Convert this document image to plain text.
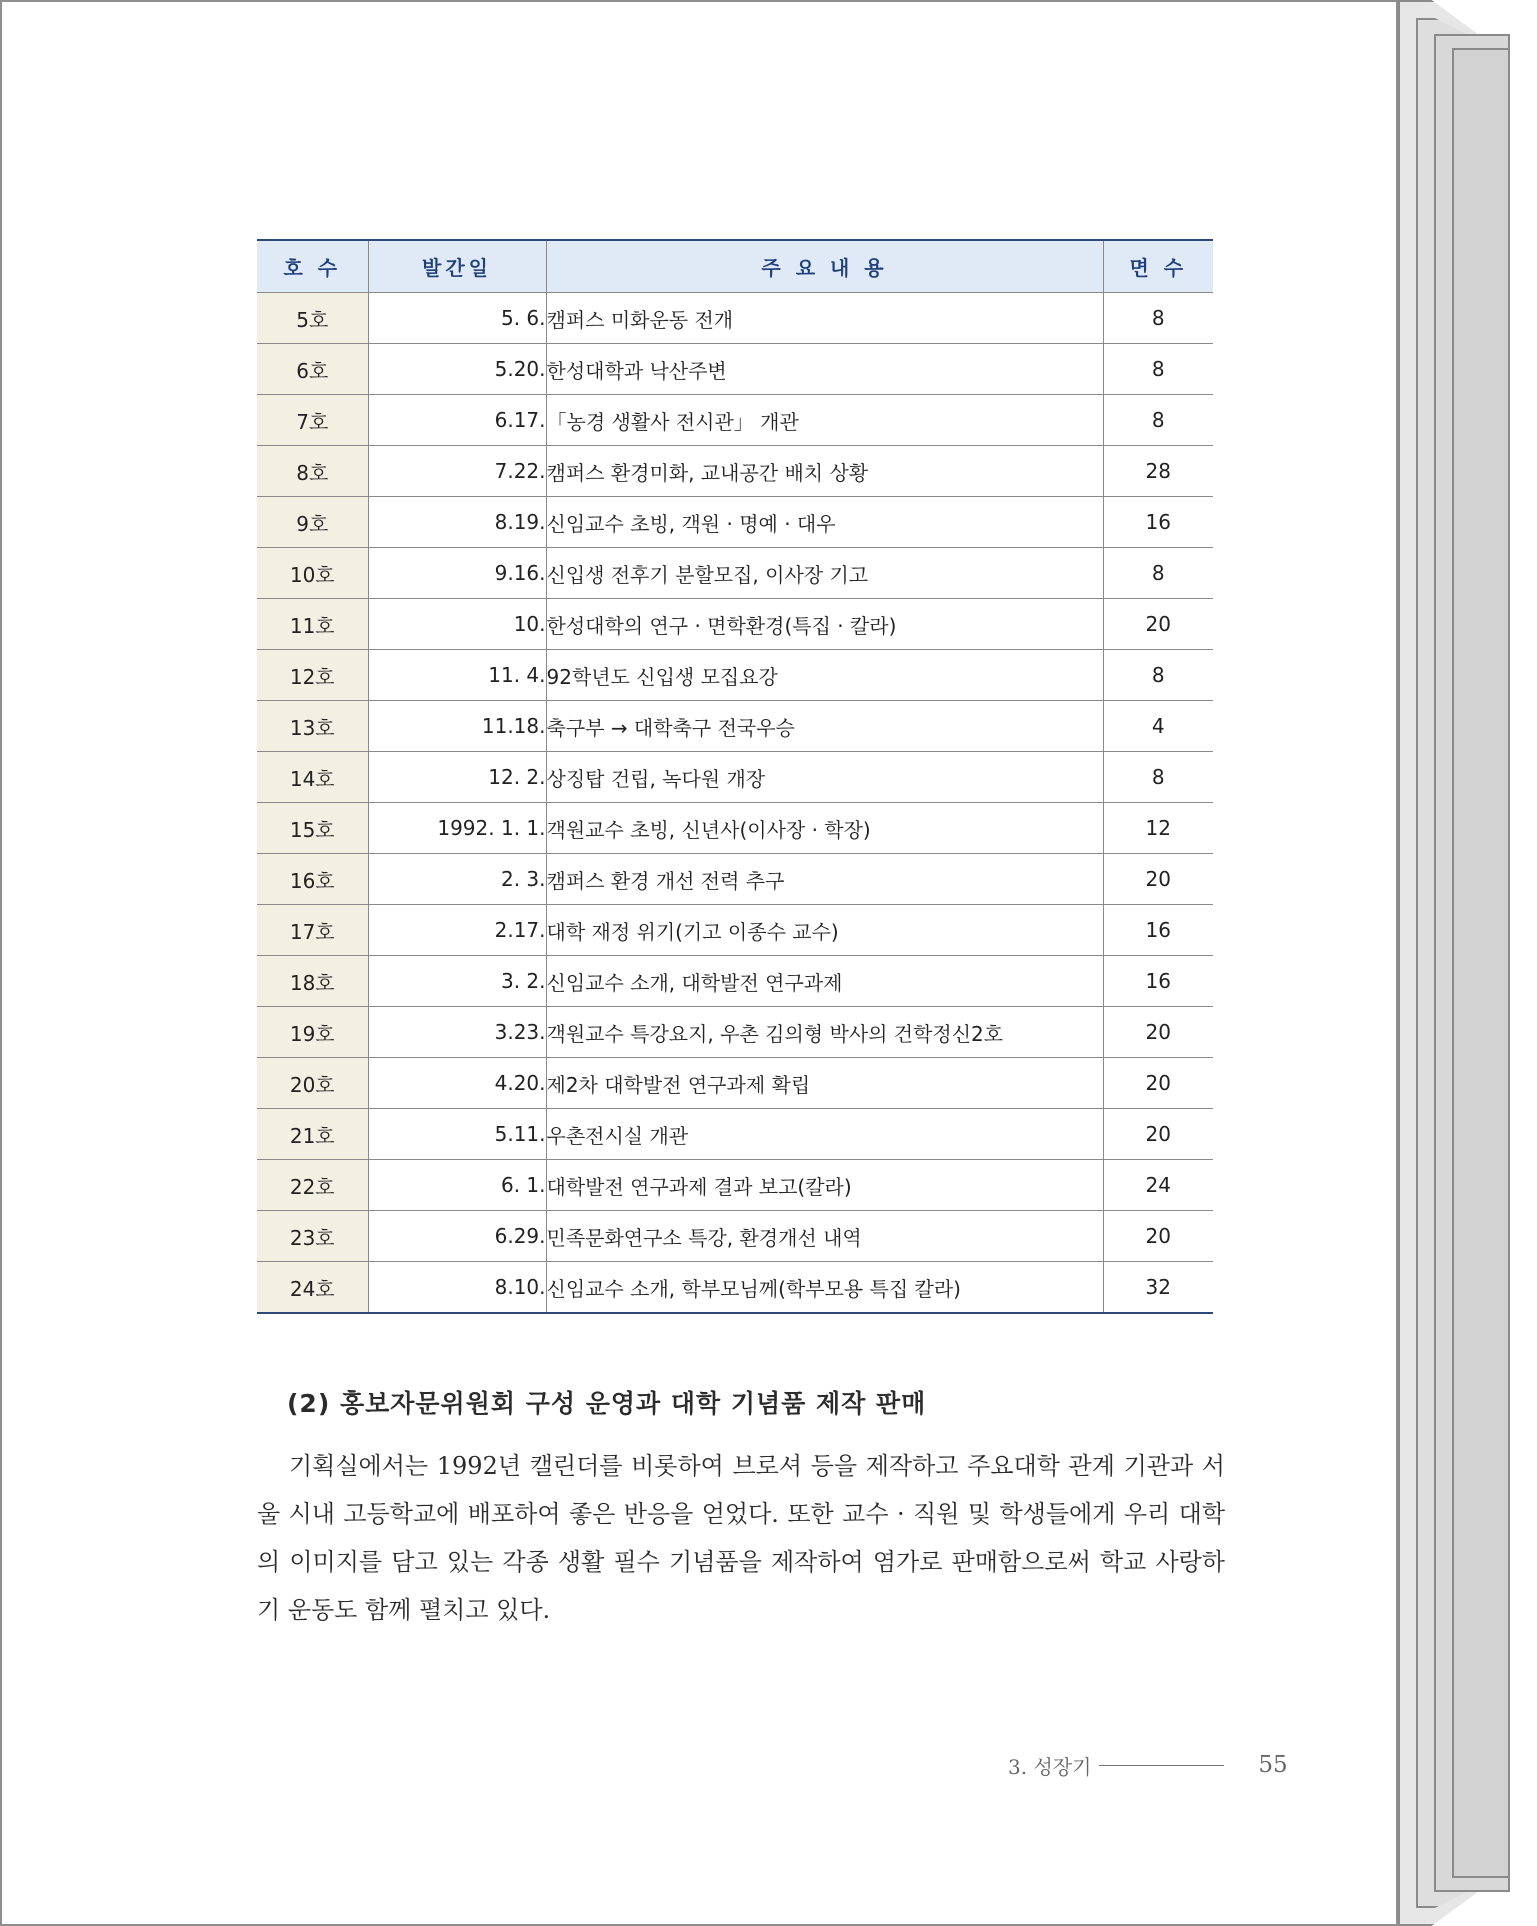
호 수	발간일	주 요 내 용	면 수
5호	5. 6.	캠퍼스 미화운동 전개	8
6호	5.20.	한성대학과 낙산주변	8
7호	6.17.	「농경 생활사 전시관」 개관	8
8호	7.22.	캠퍼스 환경미화, 교내공간 배치 상황	28
9호	8.19.	신임교수 초빙, 객원 · 명예 · 대우	16
10호	9.16.	신입생 전후기 분할모집, 이사장 기고	8
11호	10.	한성대학의 연구 · 면학환경(특집 · 칼라)	20
12호	11. 4.	92학년도 신입생 모집요강	8
13호	11.18.	축구부 → 대학축구 전국우승	4
14호	12. 2.	상징탑 건립, 녹다원 개장	8
15호	1992. 1. 1.	객원교수 초빙, 신년사(이사장 · 학장)	12
16호	2. 3.	캠퍼스 환경 개선 전력 추구	20
17호	2.17.	대학 재정 위기(기고 이종수 교수)	16
18호	3. 2.	신임교수 소개, 대학발전 연구과제	16
19호	3.23.	객원교수 특강요지, 우촌 김의형 박사의 건학정신2호	20
20호	4.20.	제2차 대학발전 연구과제 확립	20
21호	5.11.	우촌전시실 개관	20
22호	6. 1.	대학발전 연구과제 결과 보고(칼라)	24
23호	6.29.	민족문화연구소 특강, 환경개선 내역	20
24호	8.10.	신임교수 소개, 학부모님께(학부모용 특집 칼라)	32
(2) 홍보자문위원회 구성 운영과 대학 기념품 제작 판매

기획실에서는 1992년 캘린더를 비롯하여 브로셔 등을 제작하고 주요대학 관계 기관과 서울 시내 고등학교에 배포하여 좋은 반응을 얻었다. 또한 교수 · 직원 및 학생들에게 우리 대학의 이미지를 담고 있는 각종 생활 필수 기념품을 제작하여 염가로 판매함으로써 학교 사랑하기 운동도 함께 펼치고 있다.

3. 성장기	55
